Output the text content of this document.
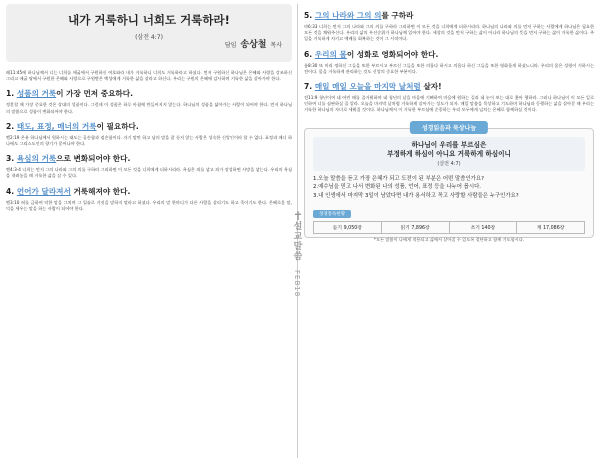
내가 거룩하니 너희도 거룩하라!
(삼전 4:7)
담임 송상철 목사
레11:45에 하나님께서 너는 너희를 애굽에서 구원하신 여호와라 내가 거룩하니 너희도 거룩하라고 하셨다. 먼저 구원하신 하나님은 은혜와 사랑을 강조하신 그리고 애굽 땅에서 구원한 은혜와 사랑으로 구원받은 백성에게 거룩한 삶을 살라고 하신다. 우리는 구원의 은혜에 감사하며 거룩한 삶을 살아가야 한다.
1. 성품의 거룩이 가장 먼저 중요하다.
정혼할 때 가장 중요한 것은 상대의 성품이다. 그런데 이 성품은 하루 아침에 만들어지지 않는다. 하나님의 성품을 닮아가는 사람이 되어야 한다. 먼저 하나님의 말씀으로 성품이 변화되어야 한다.
2. 태도, 표정, 매너의 거룩이 필요하다.
벧2:19 온유 하나님께서 원하시는 태도는 공손함과 겸손함이다. 자기 말만 하고 남의 말을 잘 듣지 않는 사람은 성숙한 신앙인이라 할 수 없다. 표정과 매너 하나에도 그리스도인의 향기가 묻어나야 한다.
3. 욕심의 거룩으로 변화되어야 한다.
벧4:3-4 너희는 먼저 그의 나라와 그의 의를 구하라 그리하면 이 모든 것을 너희에게 더하시리라. 욕심은 죄를 낳고 죄가 장성하면 사망을 낳는다. 우리의 욕심을 내려놓을 때 거룩한 삶을 살 수 있다.
4. 언어가 달라져서 거룩해져야 한다.
벧3:10 혀를 금하여 악한 말을 그치며 그 입술로 거짓을 말하지 말라고 하셨다. 우리의 말 한마디가 다른 사람을 살리기도 하고 죽이기도 한다. 은혜로운 말, 덕을 세우는 말을 하는 사람이 되어야 한다.
✝
설
교
말
씀
FEB18
5. 그의 나라와 그의 의를 구하라
마6:33 너희는 먼저 그의 나라와 그의 의를 구하라 그리하면 이 모든 것을 너희에게 더하시리라. 하나님의 나라와 의를 먼저 구하는 사람에게 하나님은 필요한 모든 것을 채워주신다. 우리의 삶의 우선순위가 하나님께 있어야 한다. 세상의 것을 먼저 구하는 삶이 아니라 하나님의 뜻을 먼저 구하는 삶이 거룩한 삶이다. 주일을 거룩하게 지키고 예배를 회복하는 것이 그 시작이다.
6. 우리의 몸이 성화로 영화되어야 한다.
롬8:30 또 미리 정하신 그들을 또한 부르시고 부르신 그들을 또한 의롭다 하시고 의롭다 하신 그들을 또한 영화롭게 하셨느니라. 우리의 몸은 성령이 거하시는 전이다. 몸을 거룩하게 관리하는 것도 신앙의 중요한 부분이다.
7. 매일 매일 오늘을 마지막 날처럼 살자!
전11:9 청년이여 네 어린 때를 즐거워하며 네 청년의 날을 마음에 기뻐하여 마음에 원하는 길과 네 눈이 보는 대로 좇아 행하라. 그러나 하나님이 이 모든 일로 인하여 너를 심판하실 줄 알라. 오늘을 마지막 날처럼 거룩하게 살아가는 성도가 되자. 매일 말씀을 묵상하고 기도하며 하나님과 동행하는 삶을 살아갈 때 우리는 거룩한 하나님의 자녀로 세워질 것이다. 하나님께서 이 거룩한 부르심에 순종하는 우리 모두에게 넘치는 은혜로 함께하실 것이다.
성경읽음과 묵상나눔
하나님이 우리를 부르심은
부정하게 하심이 아니요 거룩하게 하심이니
(살전 4:7)
1.오늘 말씀을 듣고 가장 은혜가 되고 도전이 된 부분은 어떤 말씀인가요?
2.예수님을 믿고 나서 변화된 나의 성품, 언어, 표정 등을 나누어 봅시다.
3.내 인생에서 마지막 3일이 남았다면 내가 용서하고 꼭고 사랑할 사람들은 누구인가요?
성경통독현황
듣기 9,050장	읽기 7,896장	쓰기 140장	계 17,086장
*모든 말씀이 나에게 적용되고 삶에서 살아질 수 있도록 결단하고 함께 기도합시다.
